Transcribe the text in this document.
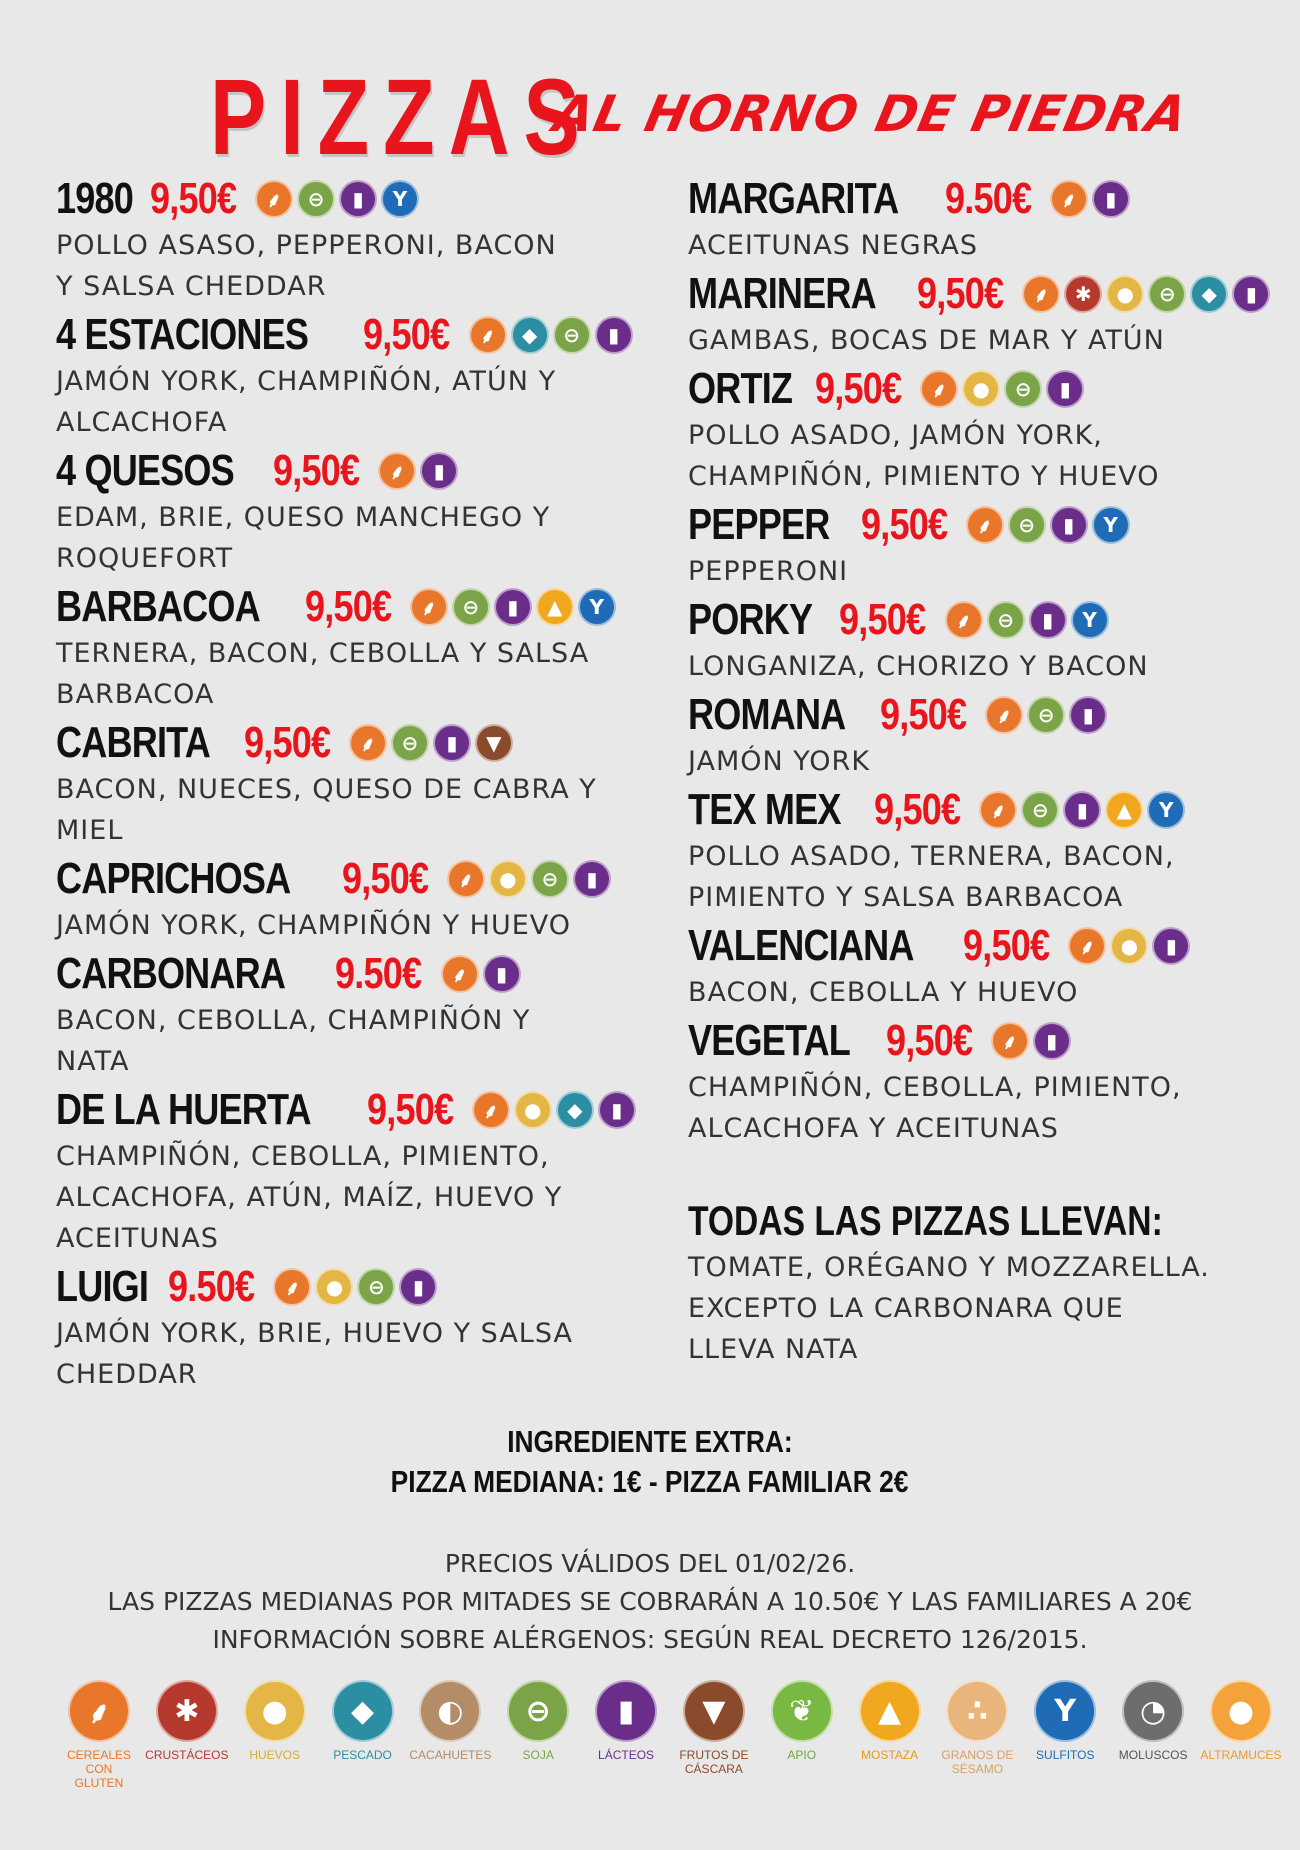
PIZZAS
AL HORNO DE PIEDRA
1980 9,50€	⸙	⊖	▮	Y
POLLO ASASO, PEPPERONI, BACON
Y SALSA CHEDDAR
4 ESTACIONES 9,50€	⸙	◆	⊖	▮
JAMÓN YORK, CHAMPIÑÓN, ATÚN Y
ALCACHOFA
4 QUESOS 9,50€	⸙	▮
EDAM, BRIE, QUESO MANCHEGO Y
ROQUEFORT
BARBACOA 9,50€	⸙	⊖	▮	▲	Y
TERNERA, BACON, CEBOLLA Y SALSA
BARBACOA
CABRITA 9,50€	⸙	⊖	▮	▼
BACON, NUECES, QUESO DE CABRA Y
MIEL
CAPRICHOSA 9,50€	⸙	●	⊖	▮
JAMÓN YORK, CHAMPIÑÓN Y HUEVO
CARBONARA 9.50€	⸙	▮
BACON, CEBOLLA, CHAMPIÑÓN Y
NATA
DE LA HUERTA 9,50€	⸙	●	◆	▮
CHAMPIÑÓN, CEBOLLA, PIMIENTO,
ALCACHOFA, ATÚN, MAÍZ, HUEVO Y
ACEITUNAS
LUIGI 9.50€	⸙	●	⊖	▮
JAMÓN YORK, BRIE, HUEVO Y SALSA
CHEDDAR
MARGARITA 9.50€	⸙	▮
ACEITUNAS NEGRAS
MARINERA 9,50€	⸙	✱	●	⊖	◆	▮
GAMBAS, BOCAS DE MAR Y ATÚN
ORTIZ 9,50€	⸙	●	⊖	▮
POLLO ASADO, JAMÓN YORK,
CHAMPIÑÓN, PIMIENTO Y HUEVO
PEPPER 9,50€	⸙	⊖	▮	Y
PEPPERONI
PORKY 9,50€	⸙	⊖	▮	Y
LONGANIZA, CHORIZO Y BACON
ROMANA 9,50€	⸙	⊖	▮
JAMÓN YORK
TEX MEX 9,50€	⸙	⊖	▮	▲	Y
POLLO ASADO, TERNERA, BACON,
PIMIENTO Y SALSA BARBACOA
VALENCIANA 9,50€	⸙	●	▮
BACON, CEBOLLA Y HUEVO
VEGETAL 9,50€	⸙	▮
CHAMPIÑÓN, CEBOLLA, PIMIENTO,
ALCACHOFA Y ACEITUNAS
TODAS LAS PIZZAS LLEVAN:
TOMATE, ORÉGANO Y MOZZARELLA.
EXCEPTO LA CARBONARA QUE
LLEVA NATA
INGREDIENTE EXTRA:
PIZZA MEDIANA: 1€ - PIZZA FAMILIAR 2€
PRECIOS VÁLIDOS DEL 01/02/26.
LAS PIZZAS MEDIANAS POR MITADES SE COBRARÁN A 10.50€ Y LAS FAMILIARES A 20€
INFORMACIÓN SOBRE ALÉRGENOS: SEGÚN REAL DECRETO 126/2015.
⸙
CEREALES CON GLUTEN
✱
CRUSTÁCEOS
●
HUEVOS
◆
PESCADO
◐
CACAHUETES
⊖
SOJA
▮
LÁCTEOS
▼
FRUTOS DE CÁSCARA
❦
APIO
▲
MOSTAZA
∴
GRANOS DE SÉSAMO
Y
SULFITOS
◔
MOLUSCOS
●
ALTRAMUCES
